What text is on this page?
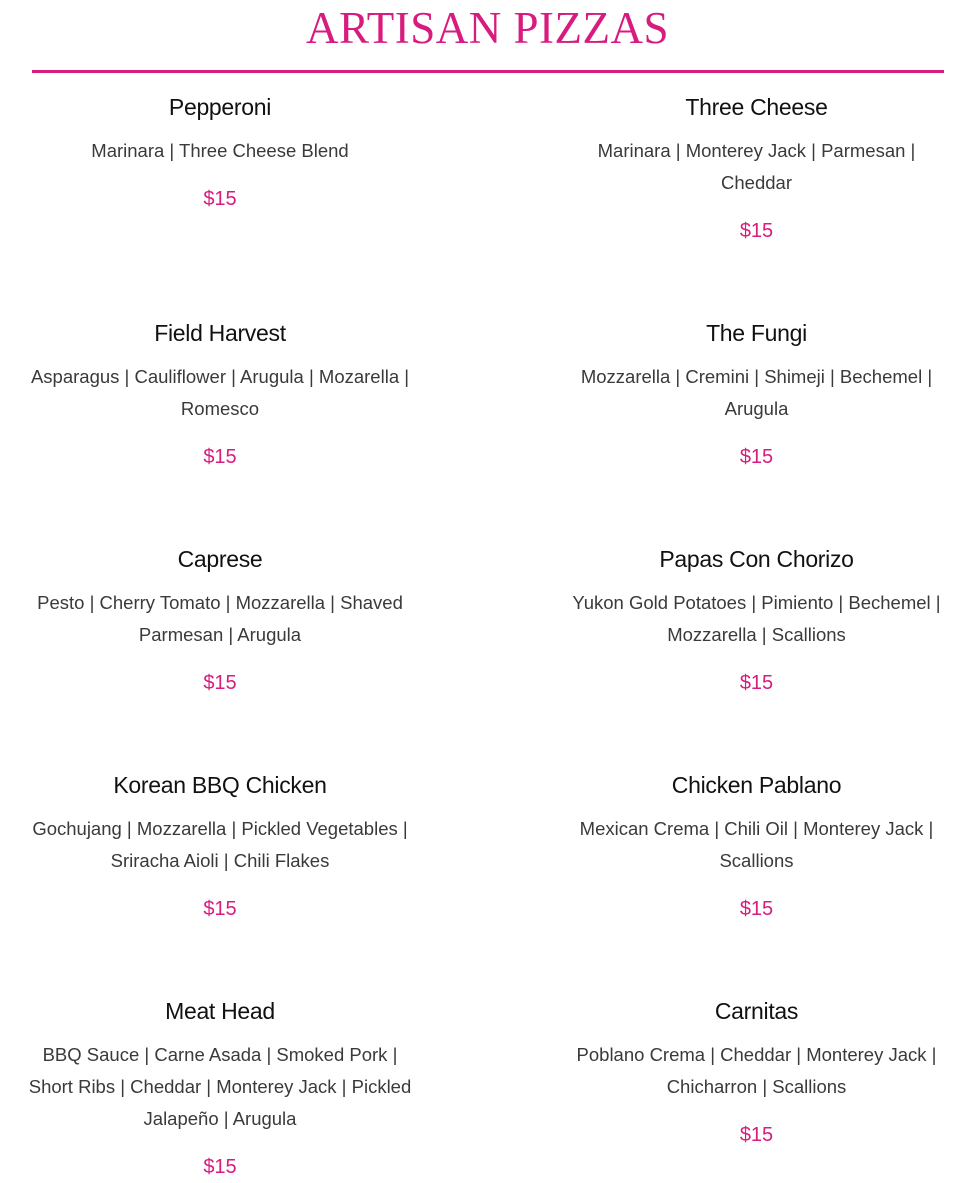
ARTISAN PIZZAS
Pepperoni
Marinara | Three Cheese Blend
$15
Three Cheese
Marinara | Monterey Jack | Parmesan | Cheddar
$15
Field Harvest
Asparagus | Cauliflower | Arugula | Mozarella | Romesco
$15
The Fungi
Mozzarella | Cremini | Shimeji | Bechemel | Arugula
$15
Caprese
Pesto | Cherry Tomato | Mozzarella | Shaved Parmesan | Arugula
$15
Papas Con Chorizo
Yukon Gold Potatoes | Pimiento | Bechemel | Mozzarella | Scallions
$15
Korean BBQ Chicken
Gochujang | Mozzarella | Pickled Vegetables | Sriracha Aioli | Chili Flakes
$15
Chicken Pablano
Mexican Crema | Chili Oil | Monterey Jack | Scallions
$15
Meat Head
BBQ Sauce | Carne Asada | Smoked Pork | Short Ribs | Cheddar | Monterey Jack | Pickled Jalapeño | Arugula
$15
Carnitas
Poblano Crema | Cheddar | Monterey Jack | Chicharron | Scallions
$15
